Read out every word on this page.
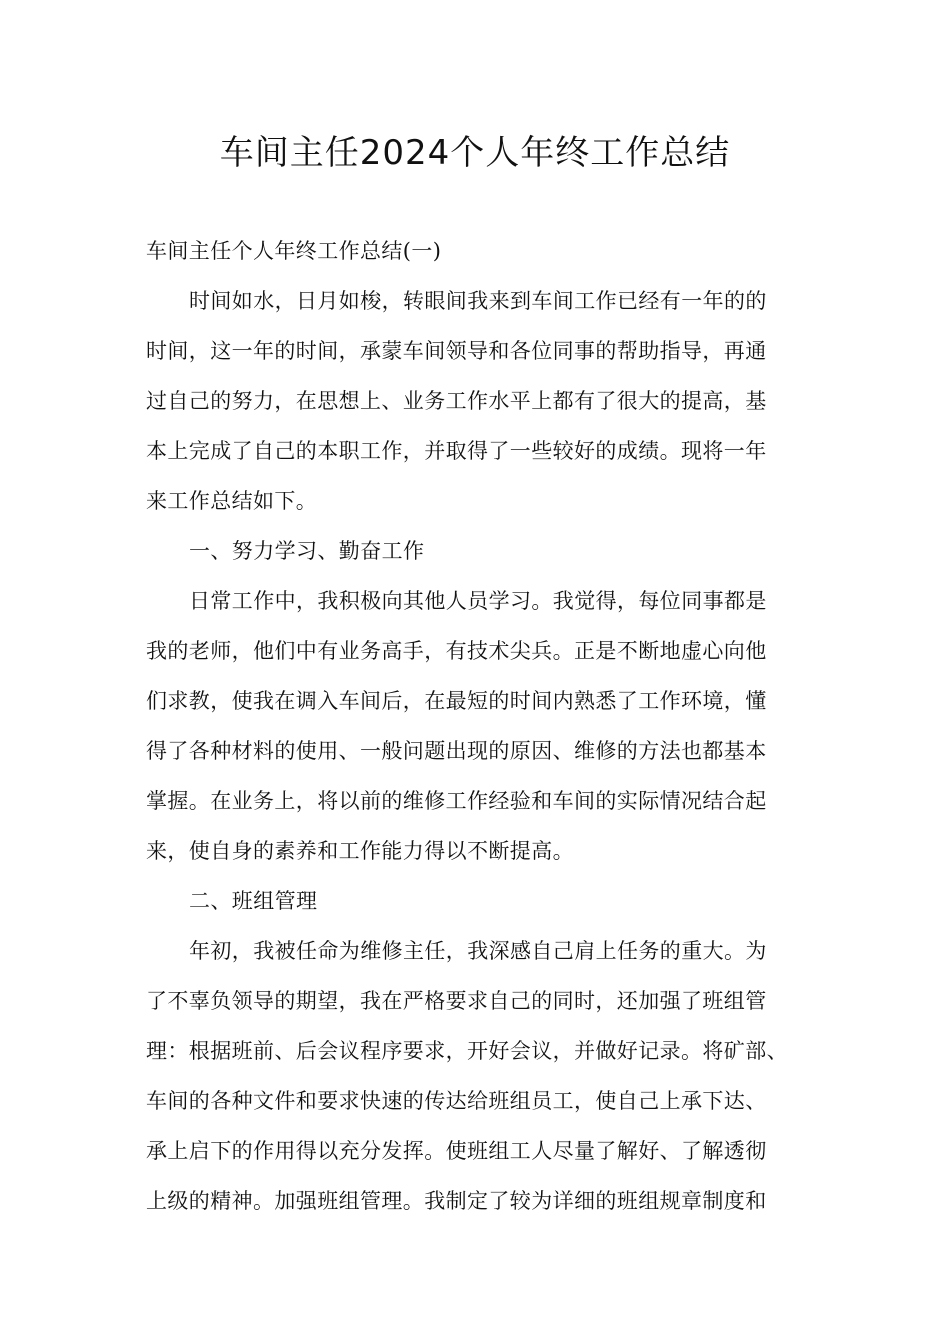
车间主任2024个人年终工作总结
车间主任个人年终工作总结(一)
时间如水，日月如梭，转眼间我来到车间工作已经有一年的的
时间，这一年的时间，承蒙车间领导和各位同事的帮助指导，再通
过自己的努力，在思想上、业务工作水平上都有了很大的提高，基
本上完成了自己的本职工作，并取得了一些较好的成绩。现将一年
来工作总结如下。
一、努力学习、勤奋工作
日常工作中，我积极向其他人员学习。我觉得，每位同事都是
我的老师，他们中有业务高手，有技术尖兵。正是不断地虚心向他
们求教，使我在调入车间后，在最短的时间内熟悉了工作环境，懂
得了各种材料的使用、一般问题出现的原因、维修的方法也都基本
掌握。在业务上，将以前的维修工作经验和车间的实际情况结合起
来，使自身的素养和工作能力得以不断提高。
二、班组管理
年初，我被任命为维修主任，我深感自己肩上任务的重大。为
了不辜负领导的期望，我在严格要求自己的同时，还加强了班组管
理：根据班前、后会议程序要求，开好会议，并做好记录。将矿部、
车间的各种文件和要求快速的传达给班组员工，使自己上承下达、
承上启下的作用得以充分发挥。使班组工人尽量了解好、了解透彻
上级的精神。加强班组管理。我制定了较为详细的班组规章制度和
